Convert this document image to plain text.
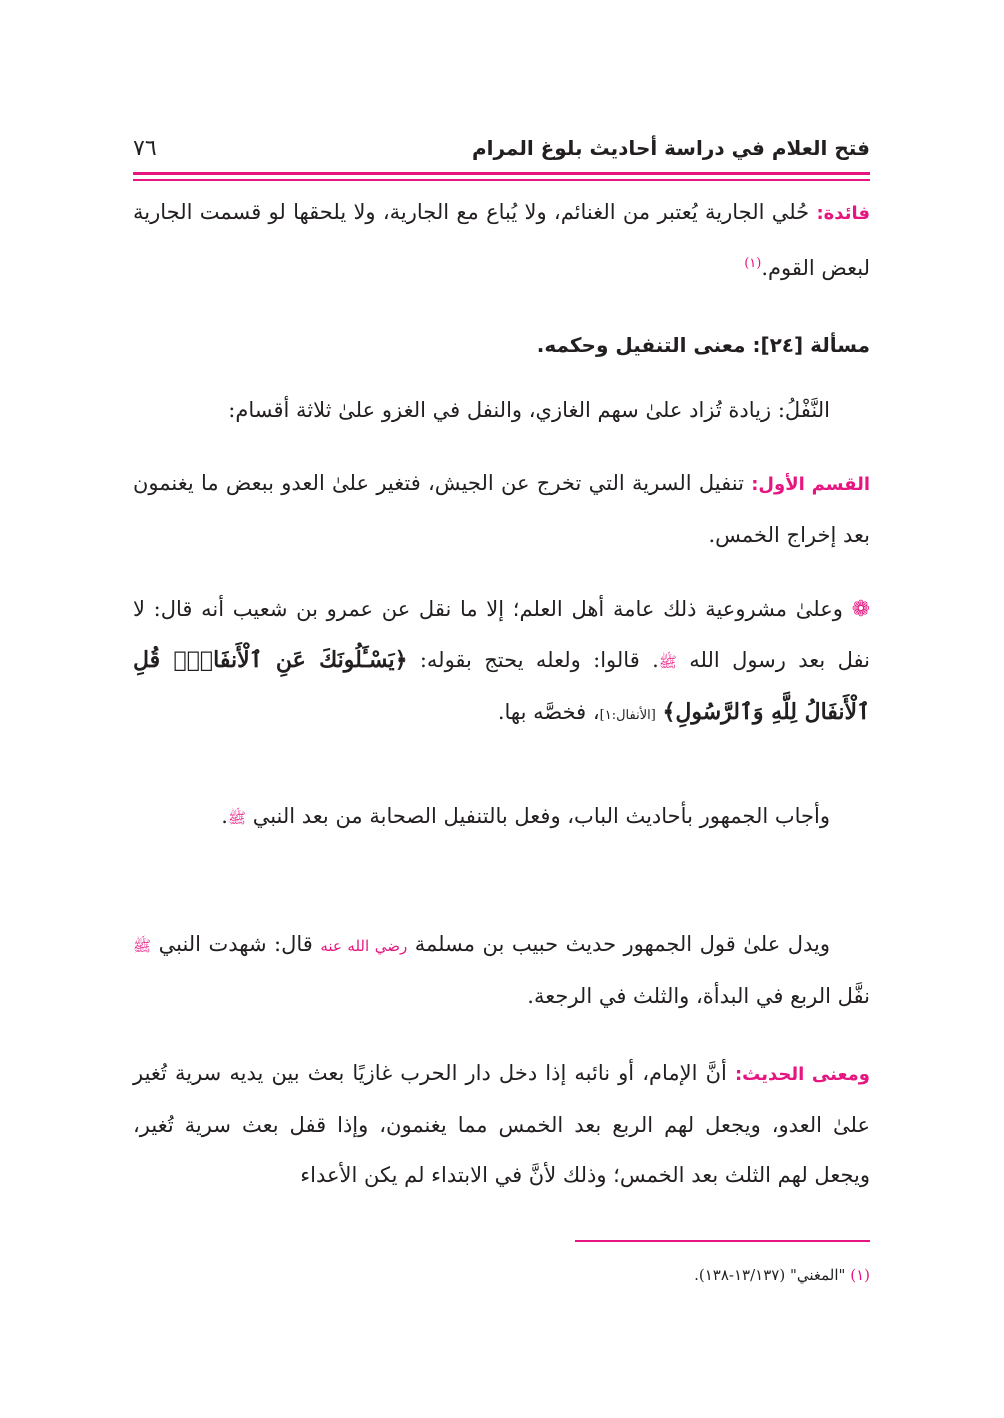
فتح العلام في دراسة أحاديث بلوغ المرام
٧٦

فائدة: حُلي الجارية يُعتبر من الغنائم، ولا يُباع مع الجارية، ولا يلحقها لو قسمت الجارية لبعض القوم.$^{(١)}$

مسألة [٢٤]: معنى التنفيل وحكمه.

النَّفْلُ: زيادة تُزاد علىٰ سهم الغازي، والنفل في الغزو علىٰ ثلاثة أقسام:

القسم الأول: تنفيل السرية التي تخرج عن الجيش، فتغير علىٰ العدو ببعض ما يغنمون بعد إخراج الخمس.

❁ وعلىٰ مشروعية ذلك عامة أهل العلم؛ إلا ما نقل عن عمرو بن شعيب أنه قال: لا نفل بعد رسول الله ﷺ. قالوا: ولعله يحتج بقوله: ﴿يَسْـَٔلُونَكَ عَنِ ٱلْأَنفَالِۖ قُلِ ٱلْأَنفَالُ لِلَّهِ وَٱلرَّسُولِ﴾ [الأنفال:١]، فخصَّه بها.

وأجاب الجمهور بأحاديث الباب، وفعل بالتنفيل الصحابة من بعد النبي ﷺ.

ويدل علىٰ قول الجمهور حديث حبيب بن مسلمة رضي الله عنه قال: شهدت النبي ﷺ نفَّل الربع في البدأة، والثلث في الرجعة.

ومعنى الحديث: أنَّ الإمام، أو نائبه إذا دخل دار الحرب غازيًا بعث بين يديه سرية تُغير علىٰ العدو، ويجعل لهم الربع بعد الخمس مما يغنمون، وإذا قفل بعث سرية تُغير، ويجعل لهم الثلث بعد الخمس؛ وذلك لأنَّ في الابتداء لم يكن الأعداء

(١) "المغني" (١٣/١٣٧-١٣٨).
